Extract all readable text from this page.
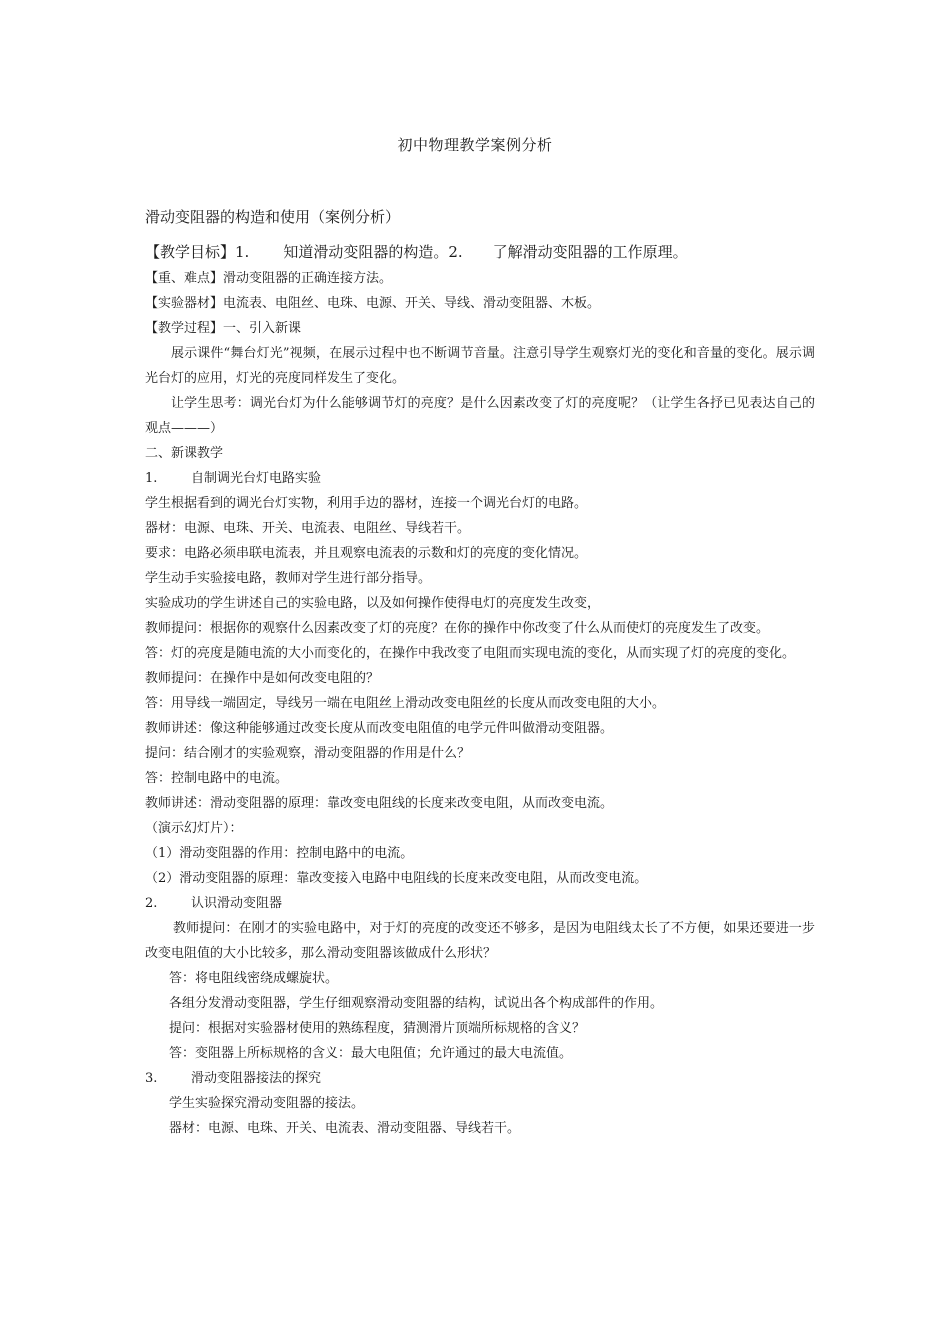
初中物理教学案例分析
滑动变阻器的构造和使用（案例分析）
【教学目标】1. 知道滑动变阻器的构造。2. 了解滑动变阻器的工作原理。

【重、难点】滑动变阻器的正确连接方法。

【实验器材】电流表、电阻丝、电珠、电源、开关、导线、滑动变阻器、木板。

【教学过程】一、引入新课

展示课件“舞台灯光”视频，在展示过程中也不断调节音量。注意引导学生观察灯光的变化和音量的变化。展示调光台灯的应用，灯光的亮度同样发生了变化。

让学生思考：调光台灯为什么能够调节灯的亮度？是什么因素改变了灯的亮度呢？（让学生各抒已见表达自己的观点———）

二、新课教学

1.	自制调光台灯电路实验

学生根据看到的调光台灯实物，利用手边的器材，连接一个调光台灯的电路。

器材：电源、电珠、开关、电流表、电阻丝、导线若干。

要求：电路必须串联电流表，并且观察电流表的示数和灯的亮度的变化情况。

学生动手实验接电路，教师对学生进行部分指导。

实验成功的学生讲述自己的实验电路，以及如何操作使得电灯的亮度发生改变，

教师提问：根据你的观察什么因素改变了灯的亮度？在你的操作中你改变了什么从而使灯的亮度发生了改变。

答：灯的亮度是随电流的大小而变化的，在操作中我改变了电阻而实现电流的变化，从而实现了灯的亮度的变化。

教师提问：在操作中是如何改变电阻的？

答：用导线一端固定，导线另一端在电阻丝上滑动改变电阻丝的长度从而改变电阻的大小。

教师讲述：像这种能够通过改变长度从而改变电阻值的电学元件叫做滑动变阻器。

提问：结合刚才的实验观察，滑动变阻器的作用是什么？

答：控制电路中的电流。

教师讲述：滑动变阻器的原理：靠改变电阻线的长度来改变电阻，从而改变电流。

（演示幻灯片）：

（1）滑动变阻器的作用：控制电路中的电流。

（2）滑动变阻器的原理：靠改变接入电路中电阻线的长度来改变电阻，从而改变电流。

2.	认识滑动变阻器

教师提问：在刚才的实验电路中，对于灯的亮度的改变还不够多，是因为电阻线太长了不方便，如果还要进一步改变电阻值的大小比较多，那么滑动变阻器该做成什么形状？

答：将电阻线密绕成螺旋状。

各组分发滑动变阻器，学生仔细观察滑动变阻器的结构，试说出各个构成部件的作用。

提问：根据对实验器材使用的熟练程度，猜测滑片顶端所标规格的含义？

答：变阻器上所标规格的含义：最大电阻值；允许通过的最大电流值。

3.	滑动变阻器接法的探究

学生实验探究滑动变阻器的接法。

器材：电源、电珠、开关、电流表、滑动变阻器、导线若干。
